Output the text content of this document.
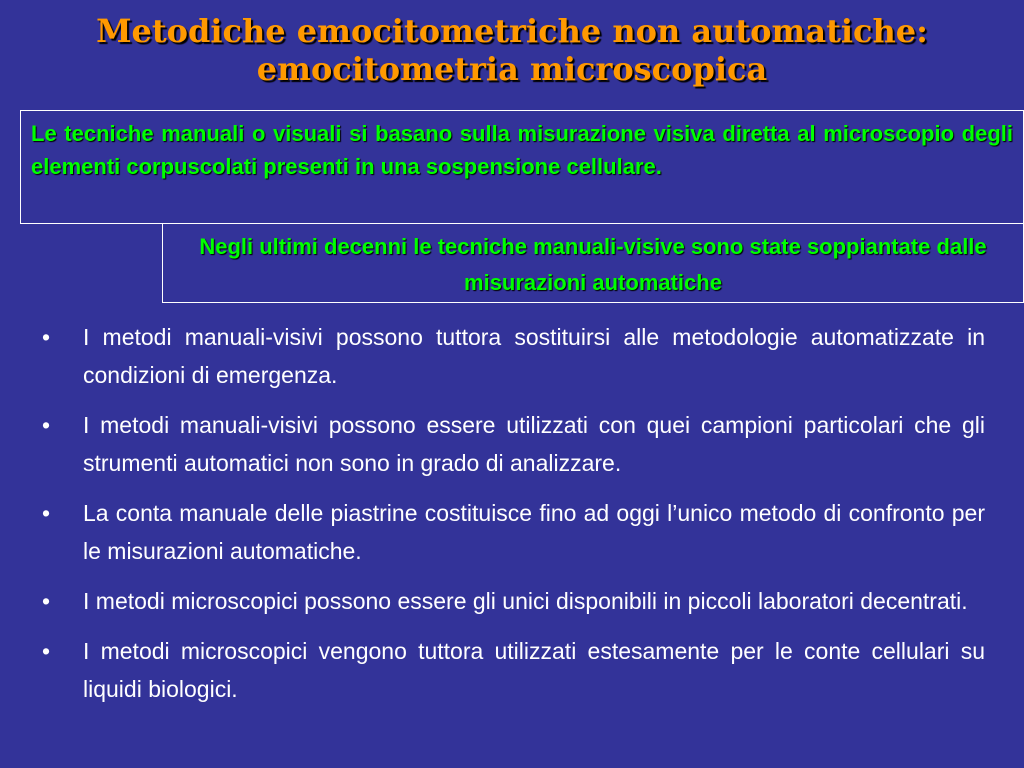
Metodiche emocitometriche non automatiche:
emocitometria microscopica
Le tecniche manuali o visuali si basano sulla misurazione visiva diretta al microscopio degli elementi corpuscolati presenti in una sospensione cellulare.
Negli ultimi decenni le tecniche manuali-visive sono state soppiantate dalle misurazioni automatiche
• I metodi manuali-visivi possono tuttora sostituirsi alle metodologie automatizzate in condizioni di emergenza.
• I metodi manuali-visivi possono essere utilizzati con quei campioni particolari che gli strumenti automatici non sono in grado di analizzare.
• La conta manuale delle piastrine costituisce fino ad oggi l’unico metodo di confronto per le misurazioni automatiche.
• I metodi microscopici possono essere gli unici disponibili in piccoli laboratori decentrati.
• I metodi microscopici vengono tuttora utilizzati estesamente per le conte cellulari su liquidi biologici.
